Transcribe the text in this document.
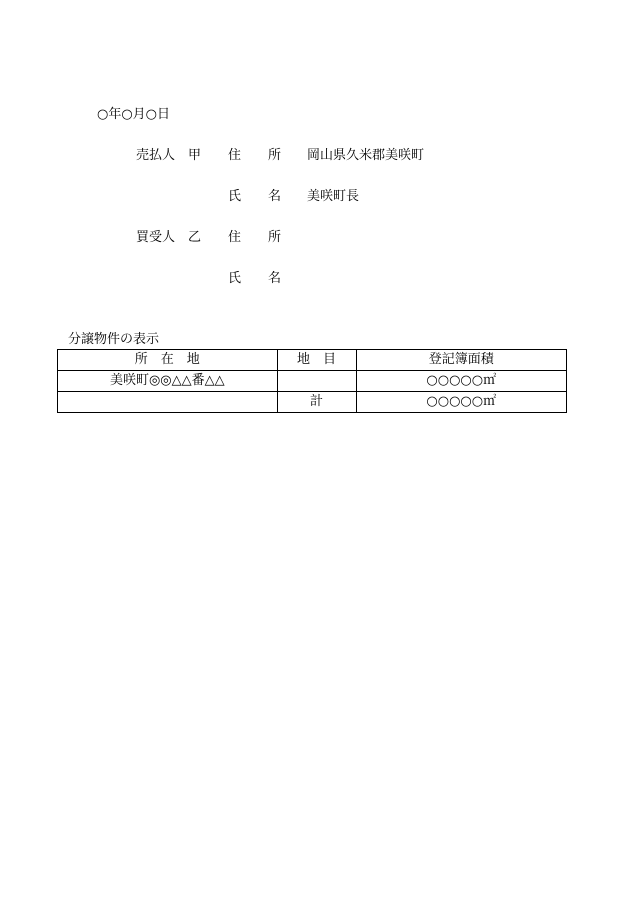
○年○月○日
売払人 甲 住 所 岡山県久米郡美咲町
氏 名 美咲町長
買受人 乙 住 所
氏 名
分譲物件の表示
所　在　地	地　目	登記簿面積
美咲町◎◎△△番△△		○○○○○㎡
	計	○○○○○㎡
